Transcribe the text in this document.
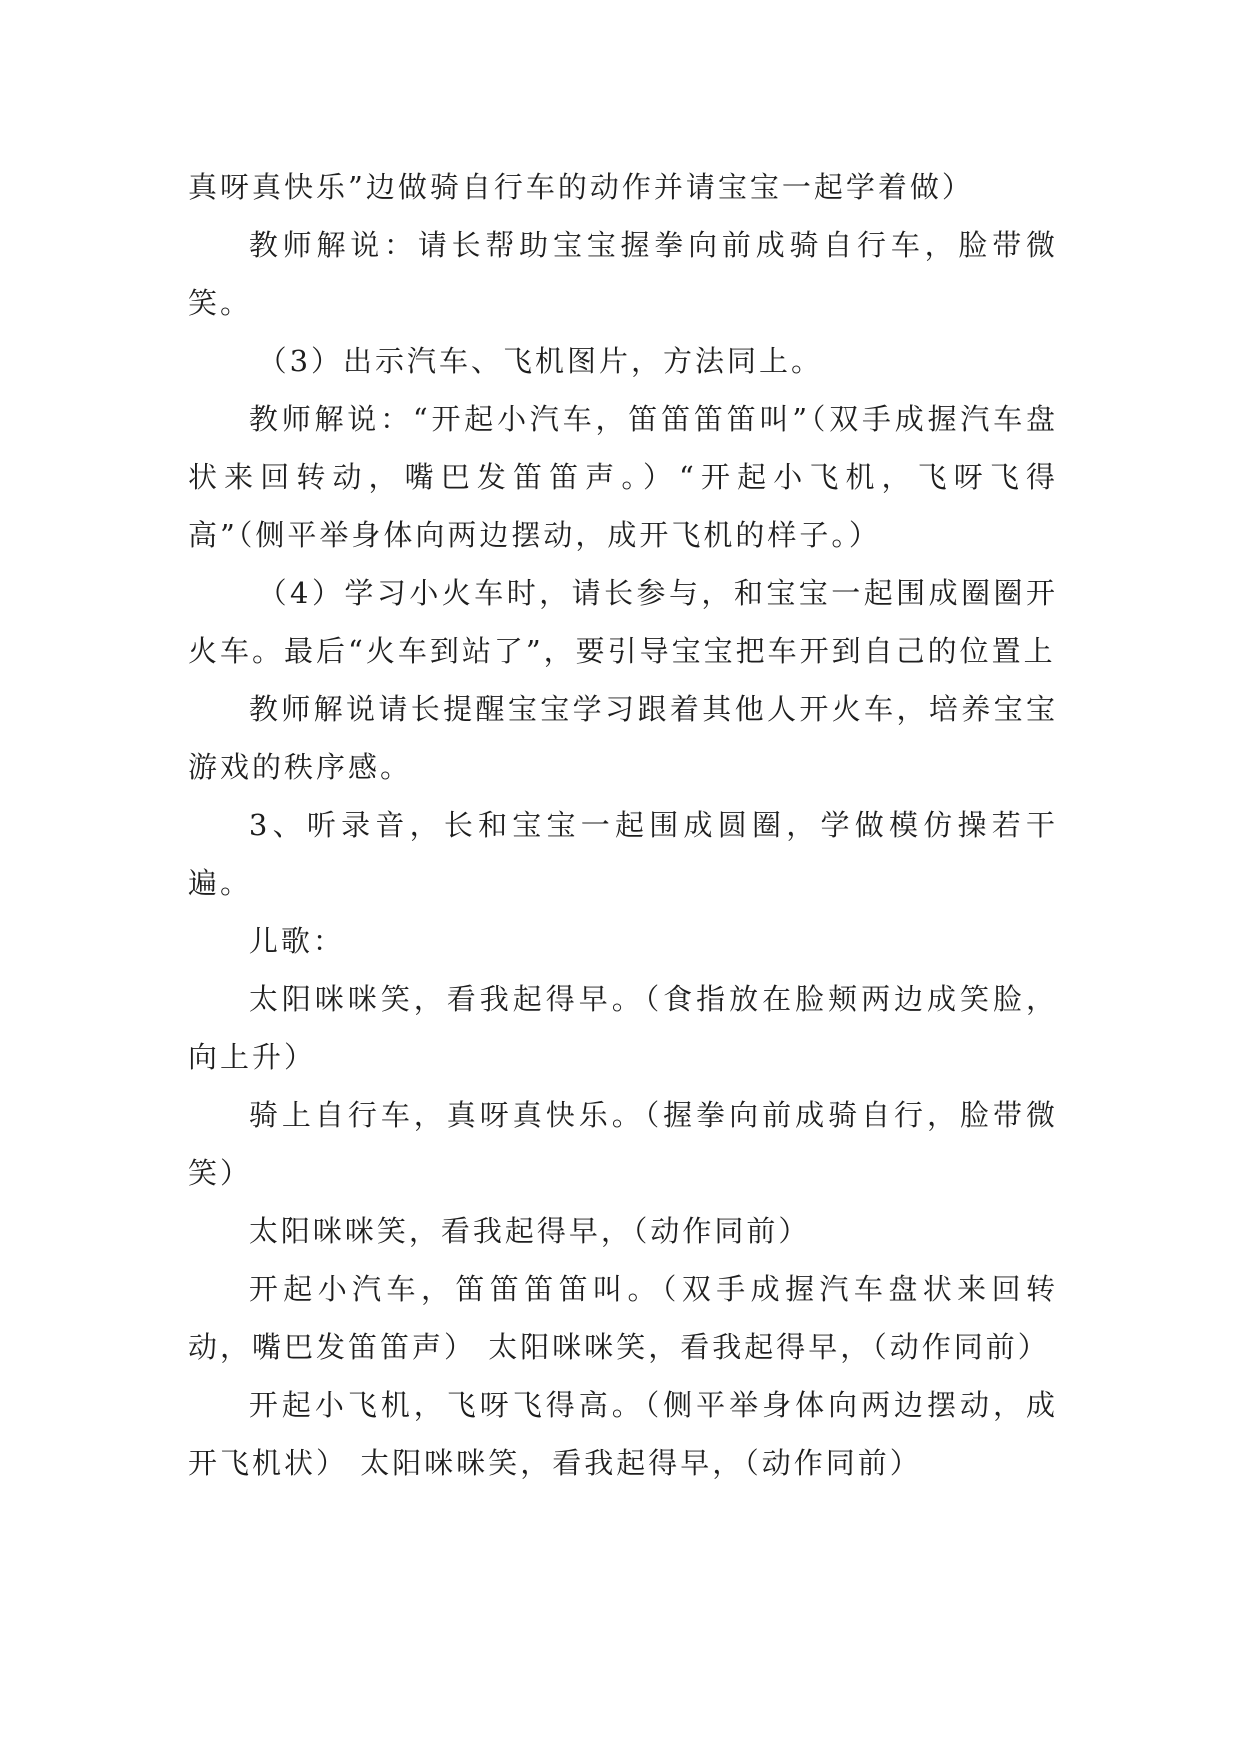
真呀真快乐”边做骑自行车的动作并请宝宝一起学着做）

教师解说：请长帮助宝宝握拳向前成骑自行车，脸带微笑。

（3）出示汽车、飞机图片，方法同上。

教师解说：“开起小汽车，笛笛笛笛叫”（双手成握汽车盘状来回转动，嘴巴发笛笛声。）“开起小飞机，飞呀飞得高”（侧平举身体向两边摆动，成开飞机的样子。）

（4）学习小火车时，请长参与，和宝宝一起围成圈圈开火车。最后“火车到站了”，要引导宝宝把车开到自己的位置上

教师解说请长提醒宝宝学习跟着其他人开火车，培养宝宝游戏的秩序感。

3、听录音，长和宝宝一起围成圆圈，学做模仿操若干遍。

儿歌：

太阳咪咪笑，看我起得早。（食指放在脸颊两边成笑脸，向上升）

骑上自行车，真呀真快乐。（握拳向前成骑自行，脸带微笑）

太阳咪咪笑，看我起得早，（动作同前）

开起小汽车，笛笛笛笛叫。（双手成握汽车盘状来回转动，嘴巴发笛笛声） 太阳咪咪笑，看我起得早，（动作同前）

开起小飞机，飞呀飞得高。（侧平举身体向两边摆动，成开飞机状） 太阳咪咪笑，看我起得早，（动作同前）
